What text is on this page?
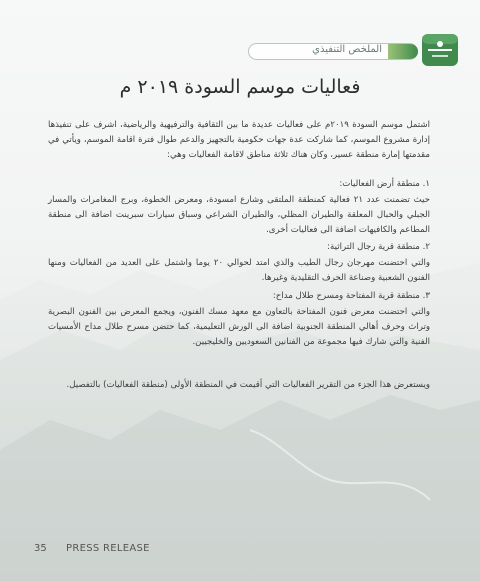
الملخص التنفيذي
فعاليات موسم السودة ٢٠١٩ م
اشتمل موسم السودة ٢٠١٩م على فعاليات عديدة ما بين الثقافية والترفيهية والرياضية، اشرف على تنفيذها إدارة مشروع الموسم، كما شاركت عدة جهات حكومية بالتجهيز والدعم طوال فترة اقامة الموسم، ويأتي في مقدمتها إمارة منطقة عسير، وكان هناك ثلاثة مناطق لاقامة الفعاليات وهي:
١. منطقة أرض الفعاليات:
حيث تضمنت عدد ٢١ فعالية كمنطقة الملتقى وشارع امسودة، ومعرض الخطوة، وبرج المغامرات والمسار الجبلي والحبال المعلقة والطيران المظلي، والطيران الشراعي وسباق سيارات سبرينت اضافة الى منطقة المطاعم والكافيهات اضافة الى فعاليات أخرى.
٢. منطقة قرية رجال التراثية:
والتي احتضنت مهرجان رجال الطيب والذي امتد لحوالي ٢٠ يوما واشتمل على العديد من الفعاليات ومنها الفنون الشعبية وصناعة الحرف التقليدية وغيرها.
٣. منطقة قرية المفتاحة ومسرح طلال مداح:
والتي احتضنت معرض فنون المفتاحة بالتعاون مع معهد مسك الفنون، ويجمع المعرض بين الفنون البصرية وتراث وحرف أهالي المنطقة الجنوبية اضافة الى الورش التعليمية، كما حتضن مسرح طلال مداح الأمسيات الفنية والتي شارك فيها مجموعة من الفنانين السعوديين والخليجيين.
ويستعرض هذا الجزء من التقرير الفعاليات التي أقيمت في المنطقة الأولى (منطقة الفعاليات) بالتفصيل.
35 PRESS RELEASE
